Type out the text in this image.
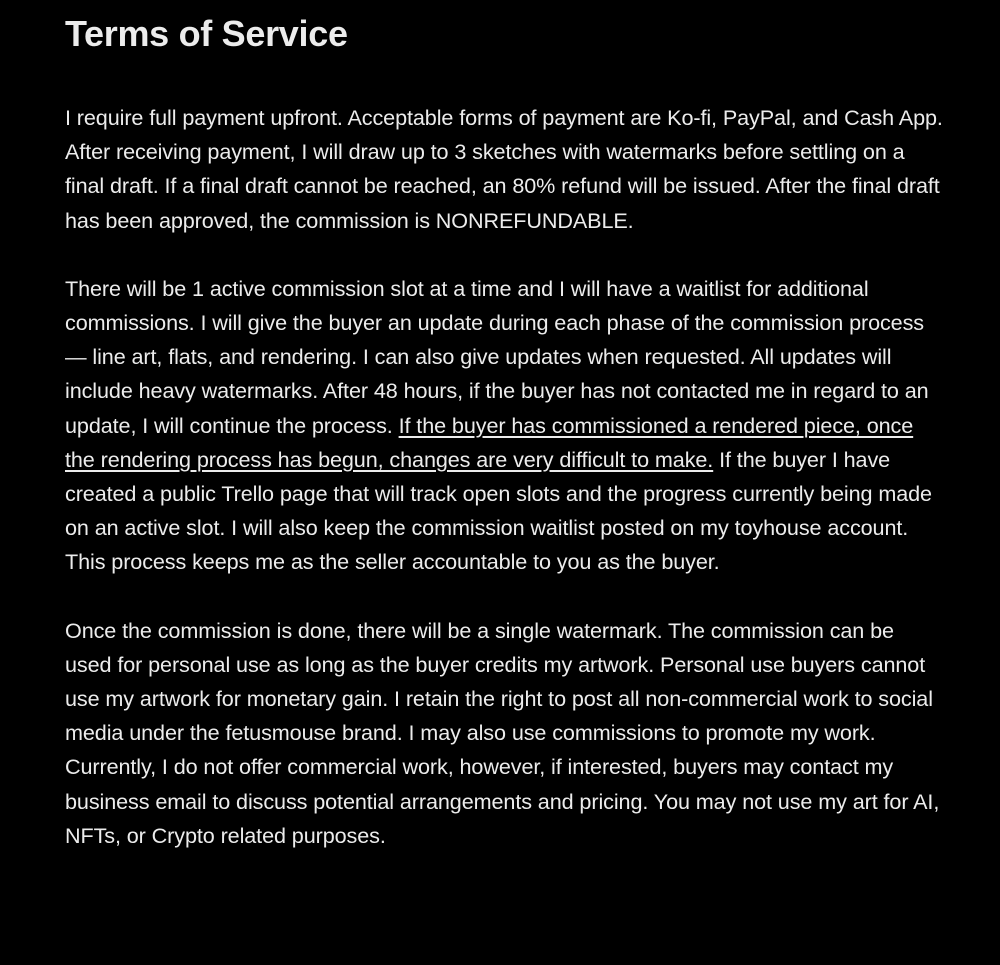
Terms of Service

I require full payment upfront. Acceptable forms of payment are Ko-fi, PayPal, and Cash App. After receiving payment, I will draw up to 3 sketches with watermarks before settling on a final draft. If a final draft cannot be reached, an 80% refund will be issued. After the final draft has been approved, the commission is NONREFUNDABLE.

There will be 1 active commission slot at a time and I will have a waitlist for additional commissions. I will give the buyer an update during each phase of the commission process— line art, flats, and rendering. I can also give updates when requested. All updates will include heavy watermarks. After 48 hours, if the buyer has not contacted me in regard to an update, I will continue the process. If the buyer has commissioned a rendered piece, once the rendering process has begun, changes are very difficult to make. If the buyer I have created a public Trello page that will track open slots and the progress currently being made on an active slot. I will also keep the commission waitlist posted on my toyhouse account. This process keeps me as the seller accountable to you as the buyer.

Once the commission is done, there will be a single watermark. The commission can be used for personal use as long as the buyer credits my artwork. Personal use buyers cannot use my artwork for monetary gain. I retain the right to post all non-commercial work to social media under the fetusmouse brand. I may also use commissions to promote my work. Currently, I do not offer commercial work, however, if interested, buyers may contact my business email to discuss potential arrangements and pricing. You may not use my art for AI, NFTs, or Crypto related purposes.
